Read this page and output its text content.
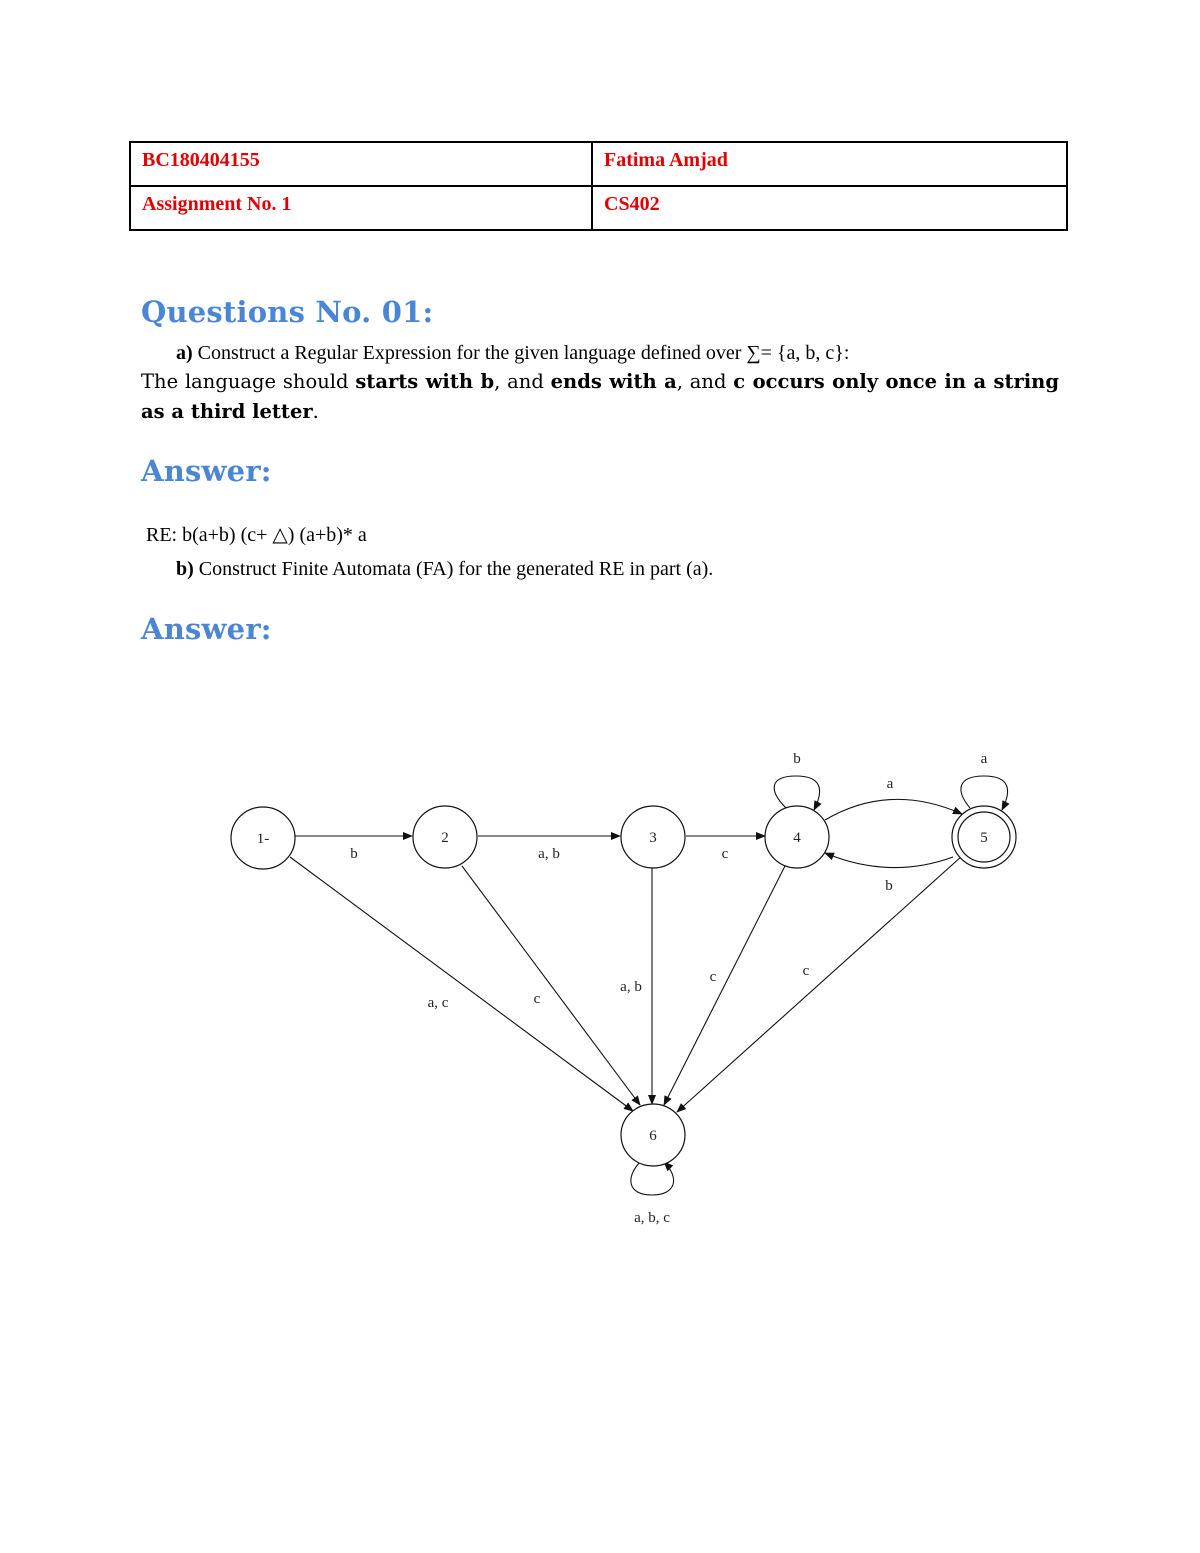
BC180404155	Fatima Amjad
Assignment No. 1	CS402
Questions No. 01:
a) Construct a Regular Expression for the given language defined over ∑= {a, b, c}:
The language should starts with b, and ends with a, and c occurs only once in a string as a third letter.
Answer:
RE: b(a+b) (c+ △) (a+b)* a
b) Construct Finite Automata (FA) for the generated RE in part (a).
Answer:
1-	2	3	4	5
6
b	a, b	c
b
a
a
b
a, c	c
a, b
c	c
a, b, c
